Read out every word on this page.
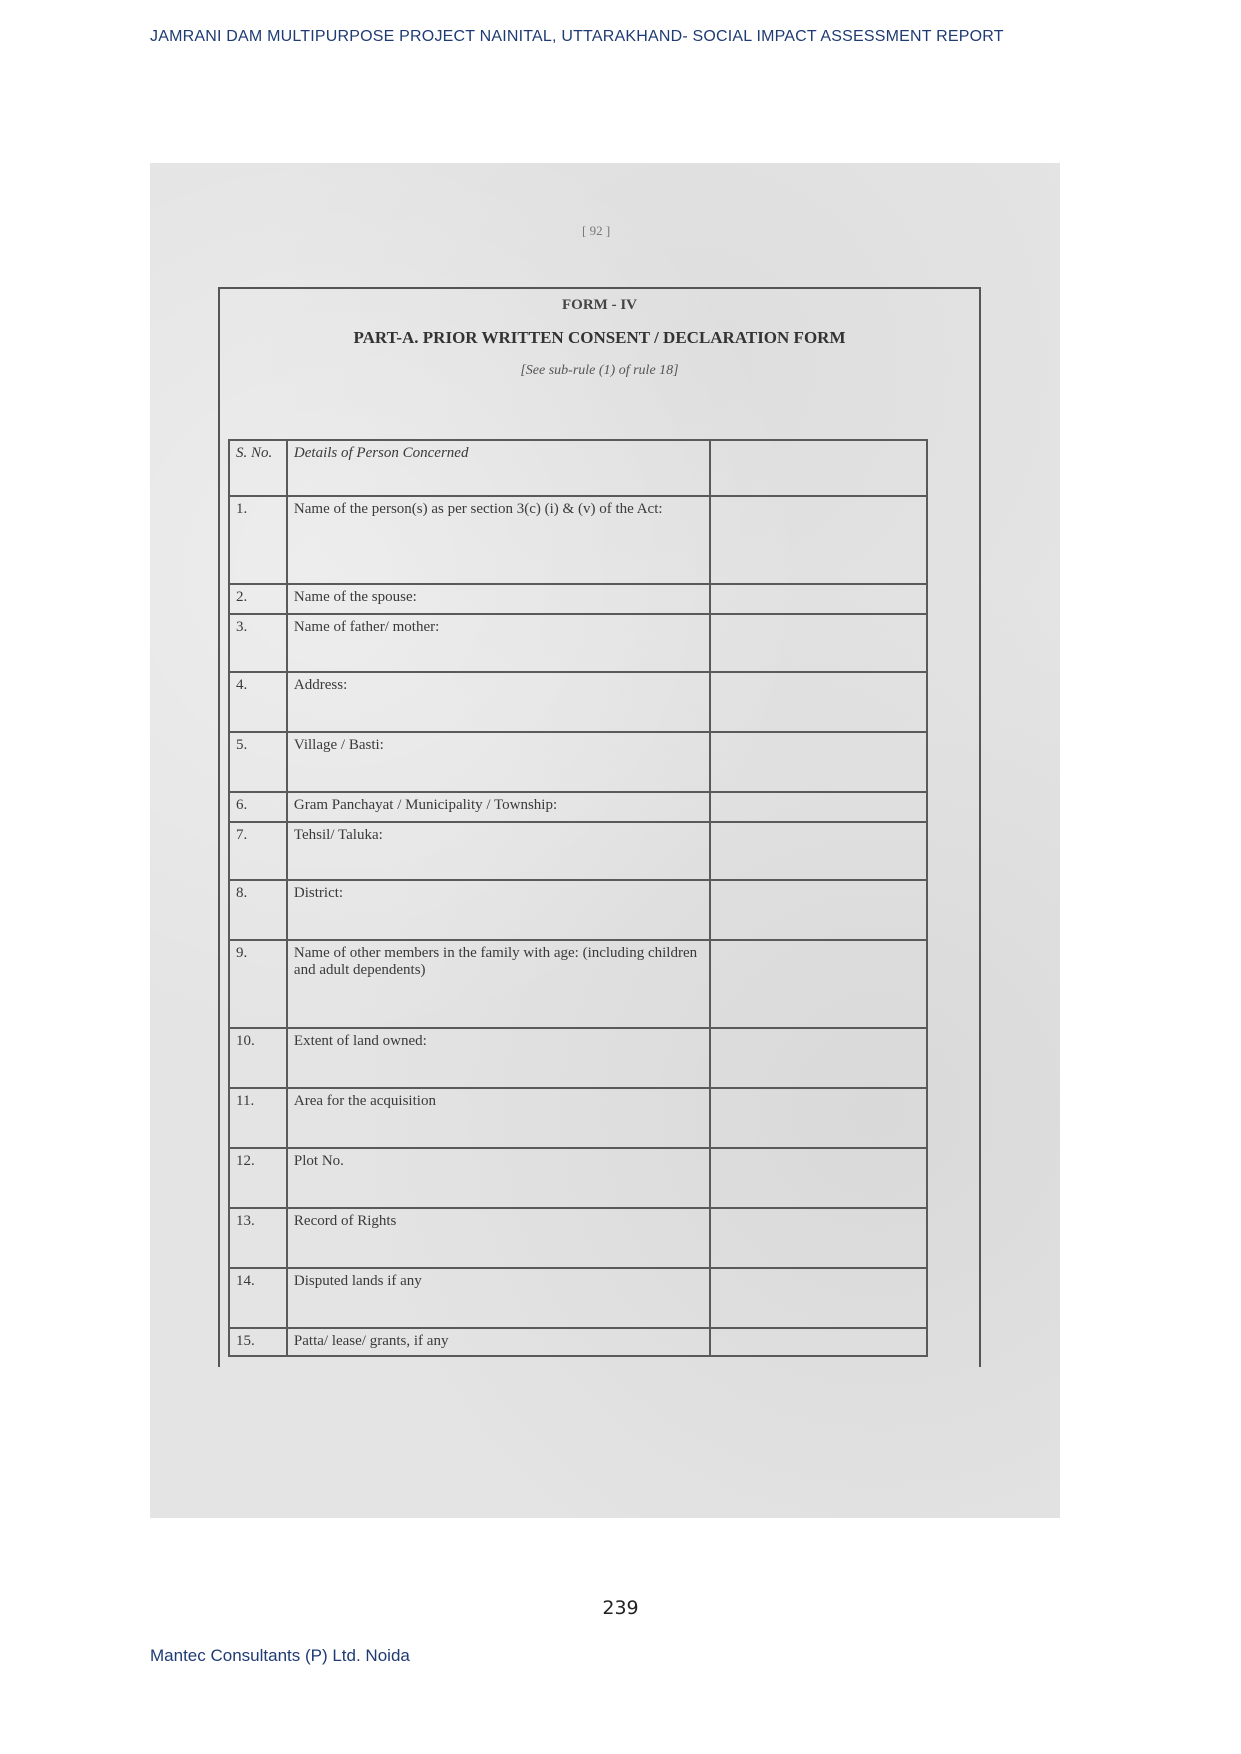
JAMRANI DAM MULTIPURPOSE PROJECT NAINITAL, UTTARAKHAND- SOCIAL IMPACT ASSESSMENT REPORT
[ 92 ]
FORM - IV
PART-A. PRIOR WRITTEN CONSENT / DECLARATION FORM
[See sub-rule (1) of rule 18]
S. No.	Details of Person Concerned	
1.	Name of the person(s) as per section 3(c) (i) & (v) of the Act:	
2.	Name of the spouse:	
3.	Name of father/ mother:	
4.	Address:	
5.	Village / Basti:	
6.	Gram Panchayat / Municipality / Township:	
7.	Tehsil/ Taluka:	
8.	District:	
9.	Name of other members in the family with age: (including children and adult dependents)	
10.	Extent of land owned:	
11.	Area for the acquisition	
12.	Plot No.	
13.	Record of Rights	
14.	Disputed lands if any	
15.	Patta/ lease/ grants, if any	
239
Mantec Consultants (P) Ltd. Noida
